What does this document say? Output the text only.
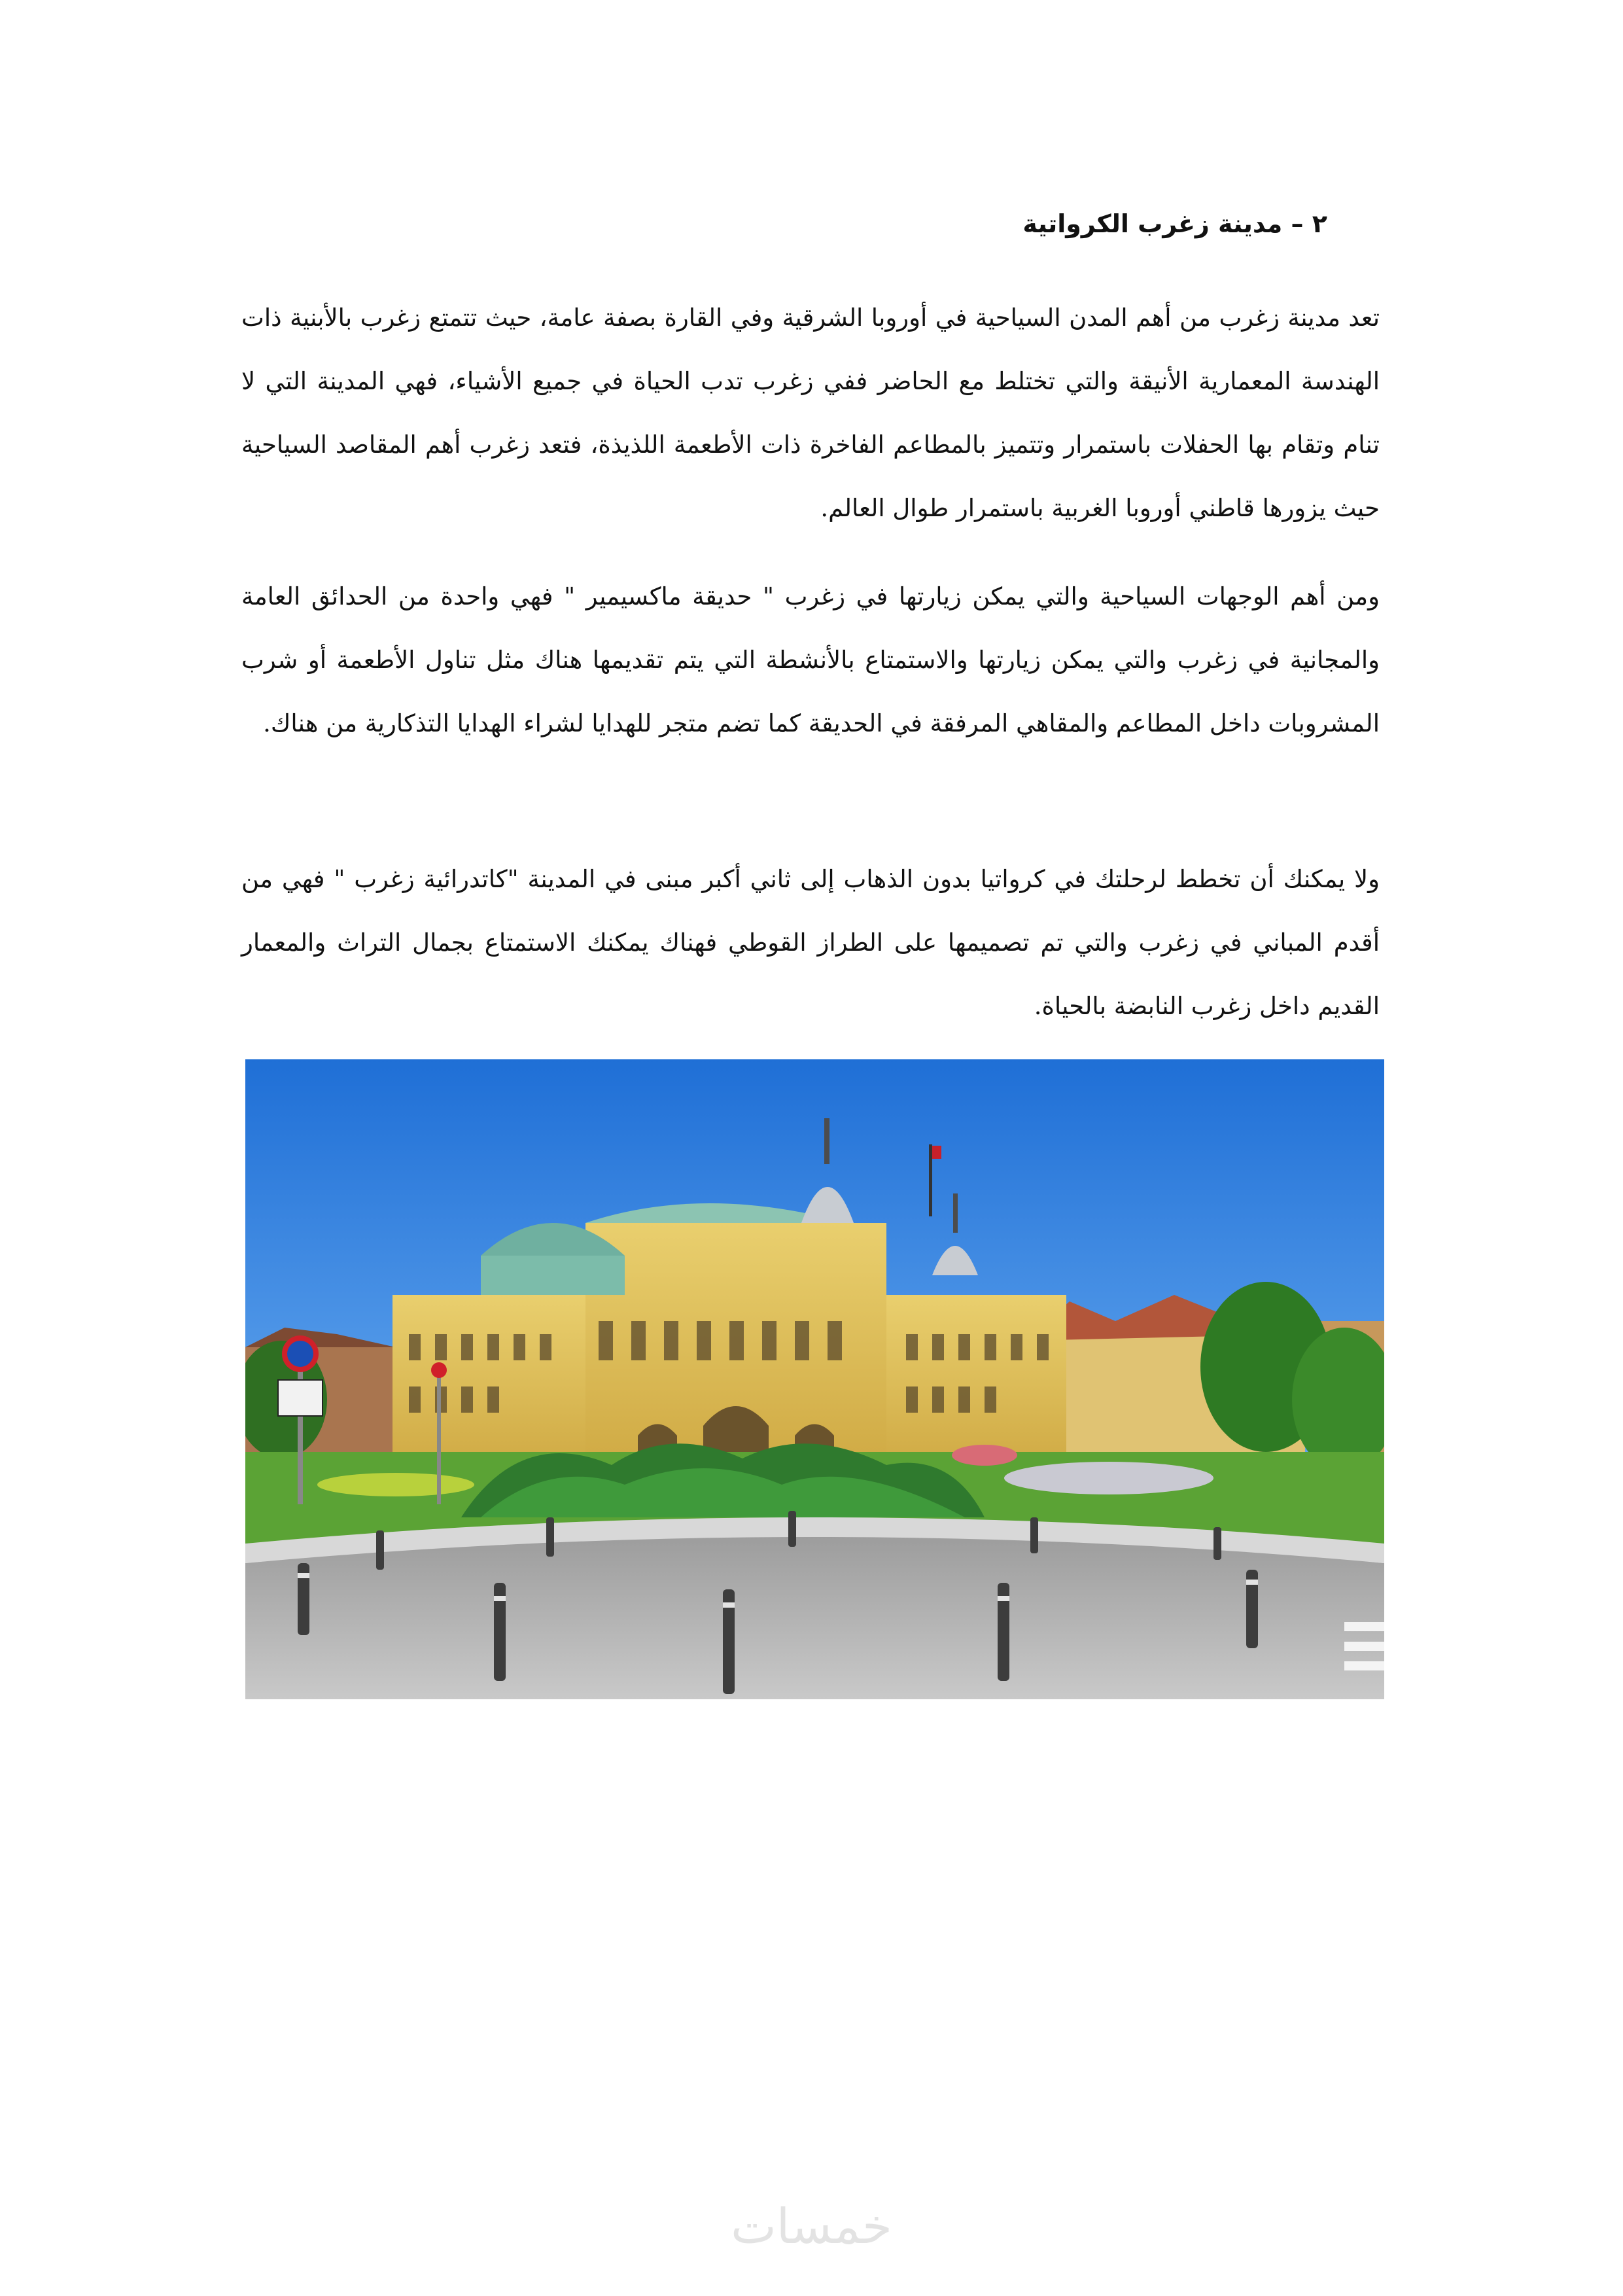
٢ – مدينة زغرب الكرواتية

تعد مدينة زغرب من أهم المدن السياحية في أوروبا الشرقية وفي القارة بصفة عامة، حيث تتمتع زغرب بالأبنية ذات الهندسة المعمارية الأنيقة والتي تختلط مع الحاضر ففي زغرب تدب الحياة في جميع الأشياء، فهي المدينة التي لا تنام وتقام بها الحفلات باستمرار وتتميز بالمطاعم الفاخرة ذات الأطعمة اللذيذة، فتعد زغرب أهم المقاصد السياحية حيث يزورها قاطني أوروبا الغربية باستمرار طوال العالم.

ومن أهم الوجهات السياحية والتي يمكن زيارتها في زغرب " حديقة ماكسيمير " فهي واحدة من الحدائق العامة والمجانية في زغرب والتي يمكن زيارتها والاستمتاع بالأنشطة التي يتم تقديمها هناك مثل تناول الأطعمة أو شرب المشروبات داخل المطاعم والمقاهي المرفقة في الحديقة كما تضم متجر للهدايا لشراء الهدايا التذكارية من هناك.

ولا يمكنك أن تخطط لرحلتك في كرواتيا بدون الذهاب إلى ثاني أكبر مبنى في المدينة "كاتدرائية زغرب " فهي من أقدم المباني في زغرب والتي تم تصميمها على الطراز القوطي فهناك يمكنك الاستمتاع بجمال التراث والمعمار القديم داخل زغرب النابضة بالحياة.

خمسات
